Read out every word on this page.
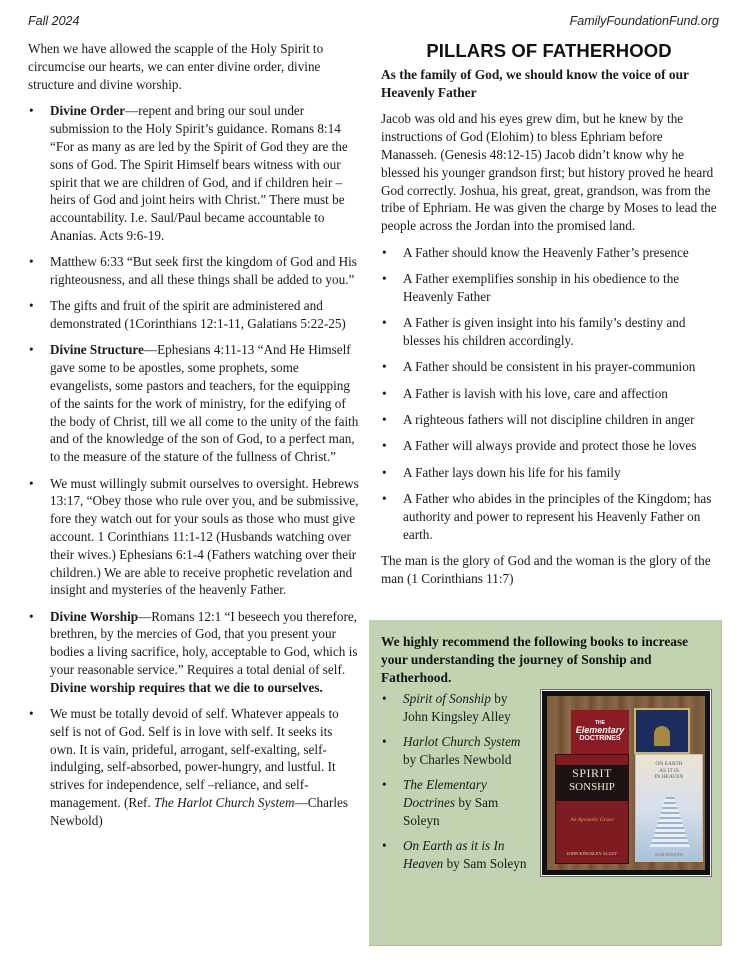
Fall 2024	FamilyFoundationFund.org

When we have allowed the scapple of the Holy Spirit to circumcise our hearts, we can enter divine order, divine structure and divine worship.

• Divine Order—repent and bring our soul under submission to the Holy Spirit’s guidance. Romans 8:14 “For as many as are led by the Spirit of God they are the sons of God. The Spirit Himself bears witness with our spirit that we are children of God, and if children heir –heirs of God and joint heirs with Christ.” There must be accountability. I.e. Saul/Paul became accountable to Ananias. Acts 9:6-19.
• Matthew 6:33 “But seek first the kingdom of God and His righteousness, and all these things shall be added to you.”
• The gifts and fruit of the spirit are administered and demonstrated (1Corinthians 12:1-11, Galatians 5:22-25)
• Divine Structure—Ephesians 4:11-13 “And He Himself gave some to be apostles, some prophets, some evangelists, some pastors and teachers, for the equipping of the saints for the work of ministry, for the edifying of the body of Christ, till we all come to the unity of the faith and of the knowledge of the son of God, to a perfect man, to the measure of the stature of the fullness of Christ.”
• We must willingly submit ourselves to oversight. Hebrews 13:17, “Obey those who rule over you, and be submissive, fore they watch out for your souls as those who must give account. 1 Corinthians 11:1-12 (Husbands watching over their wives.) Ephesians 6:1-4 (Fathers watching over their children.) We are able to receive prophetic revelation and insight and mysteries of the heavenly Father.
• Divine Worship—Romans 12:1 “I beseech you therefore, brethren, by the mercies of God, that you present your bodies a living sacrifice, holy, acceptable to God, which is your reasonable service.” Requires a total denial of self. Divine worship requires that we die to ourselves.
• We must be totally devoid of self. Whatever appeals to self is not of God. Self is in love with self. It seeks its own. It is vain, prideful, arrogant, self-exalting, self-indulging, self-absorbed, power-hungry, and lustful. It strives for independence, self –reliance, and self-management. (Ref. The Harlot Church System—Charles Newbold)
PILLARS OF FATHERHOOD

As the family of God, we should know the voice of our Heavenly Father

Jacob was old and his eyes grew dim, but he knew by the instructions of God (Elohim) to bless Ephriam before Manasseh. (Genesis 48:12-15) Jacob didn’t know why he blessed his younger grandson first; but history proved he heard God correctly. Joshua, his great, great, grandson, was from the tribe of Ephriam. He was given the charge by Moses to lead the people across the Jordan into the promised land.

• A Father should know the Heavenly Father’s presence
• A Father exemplifies sonship in his obedience to the Heavenly Father
• A Father is given insight into his family’s destiny and blesses his children accordingly.
• A Father should be consistent in his prayer-communion
• A Father is lavish with his love, care and affection
• A righteous fathers will not discipline children in anger
• A Father will always provide and protect those he loves
• A Father lays down his life for his family
• A Father who abides in the principles of the Kingdom; has authority and power to represent his Heavenly Father on earth.

The man is the glory of God and the woman is the glory of the man (1 Corinthians 11:7)

We highly recommend the following books to increase your understanding the journey of Sonship and Fatherhood.
• Spirit of Sonship by John Kingsley Alley
• Harlot Church System by Charles Newbold
• The Elementary Doctrines by Sam Soleyn
• On Earth as it is In Heaven by Sam Soleyn
THE
Elementary
DOCTRINES
SPIRIT
SONSHIP
An Apostolic Grace
JOHN KINGSLEY ALLEY
ON EARTH
AS IT IS
IN HEAVEN
SAM SOLEYN
